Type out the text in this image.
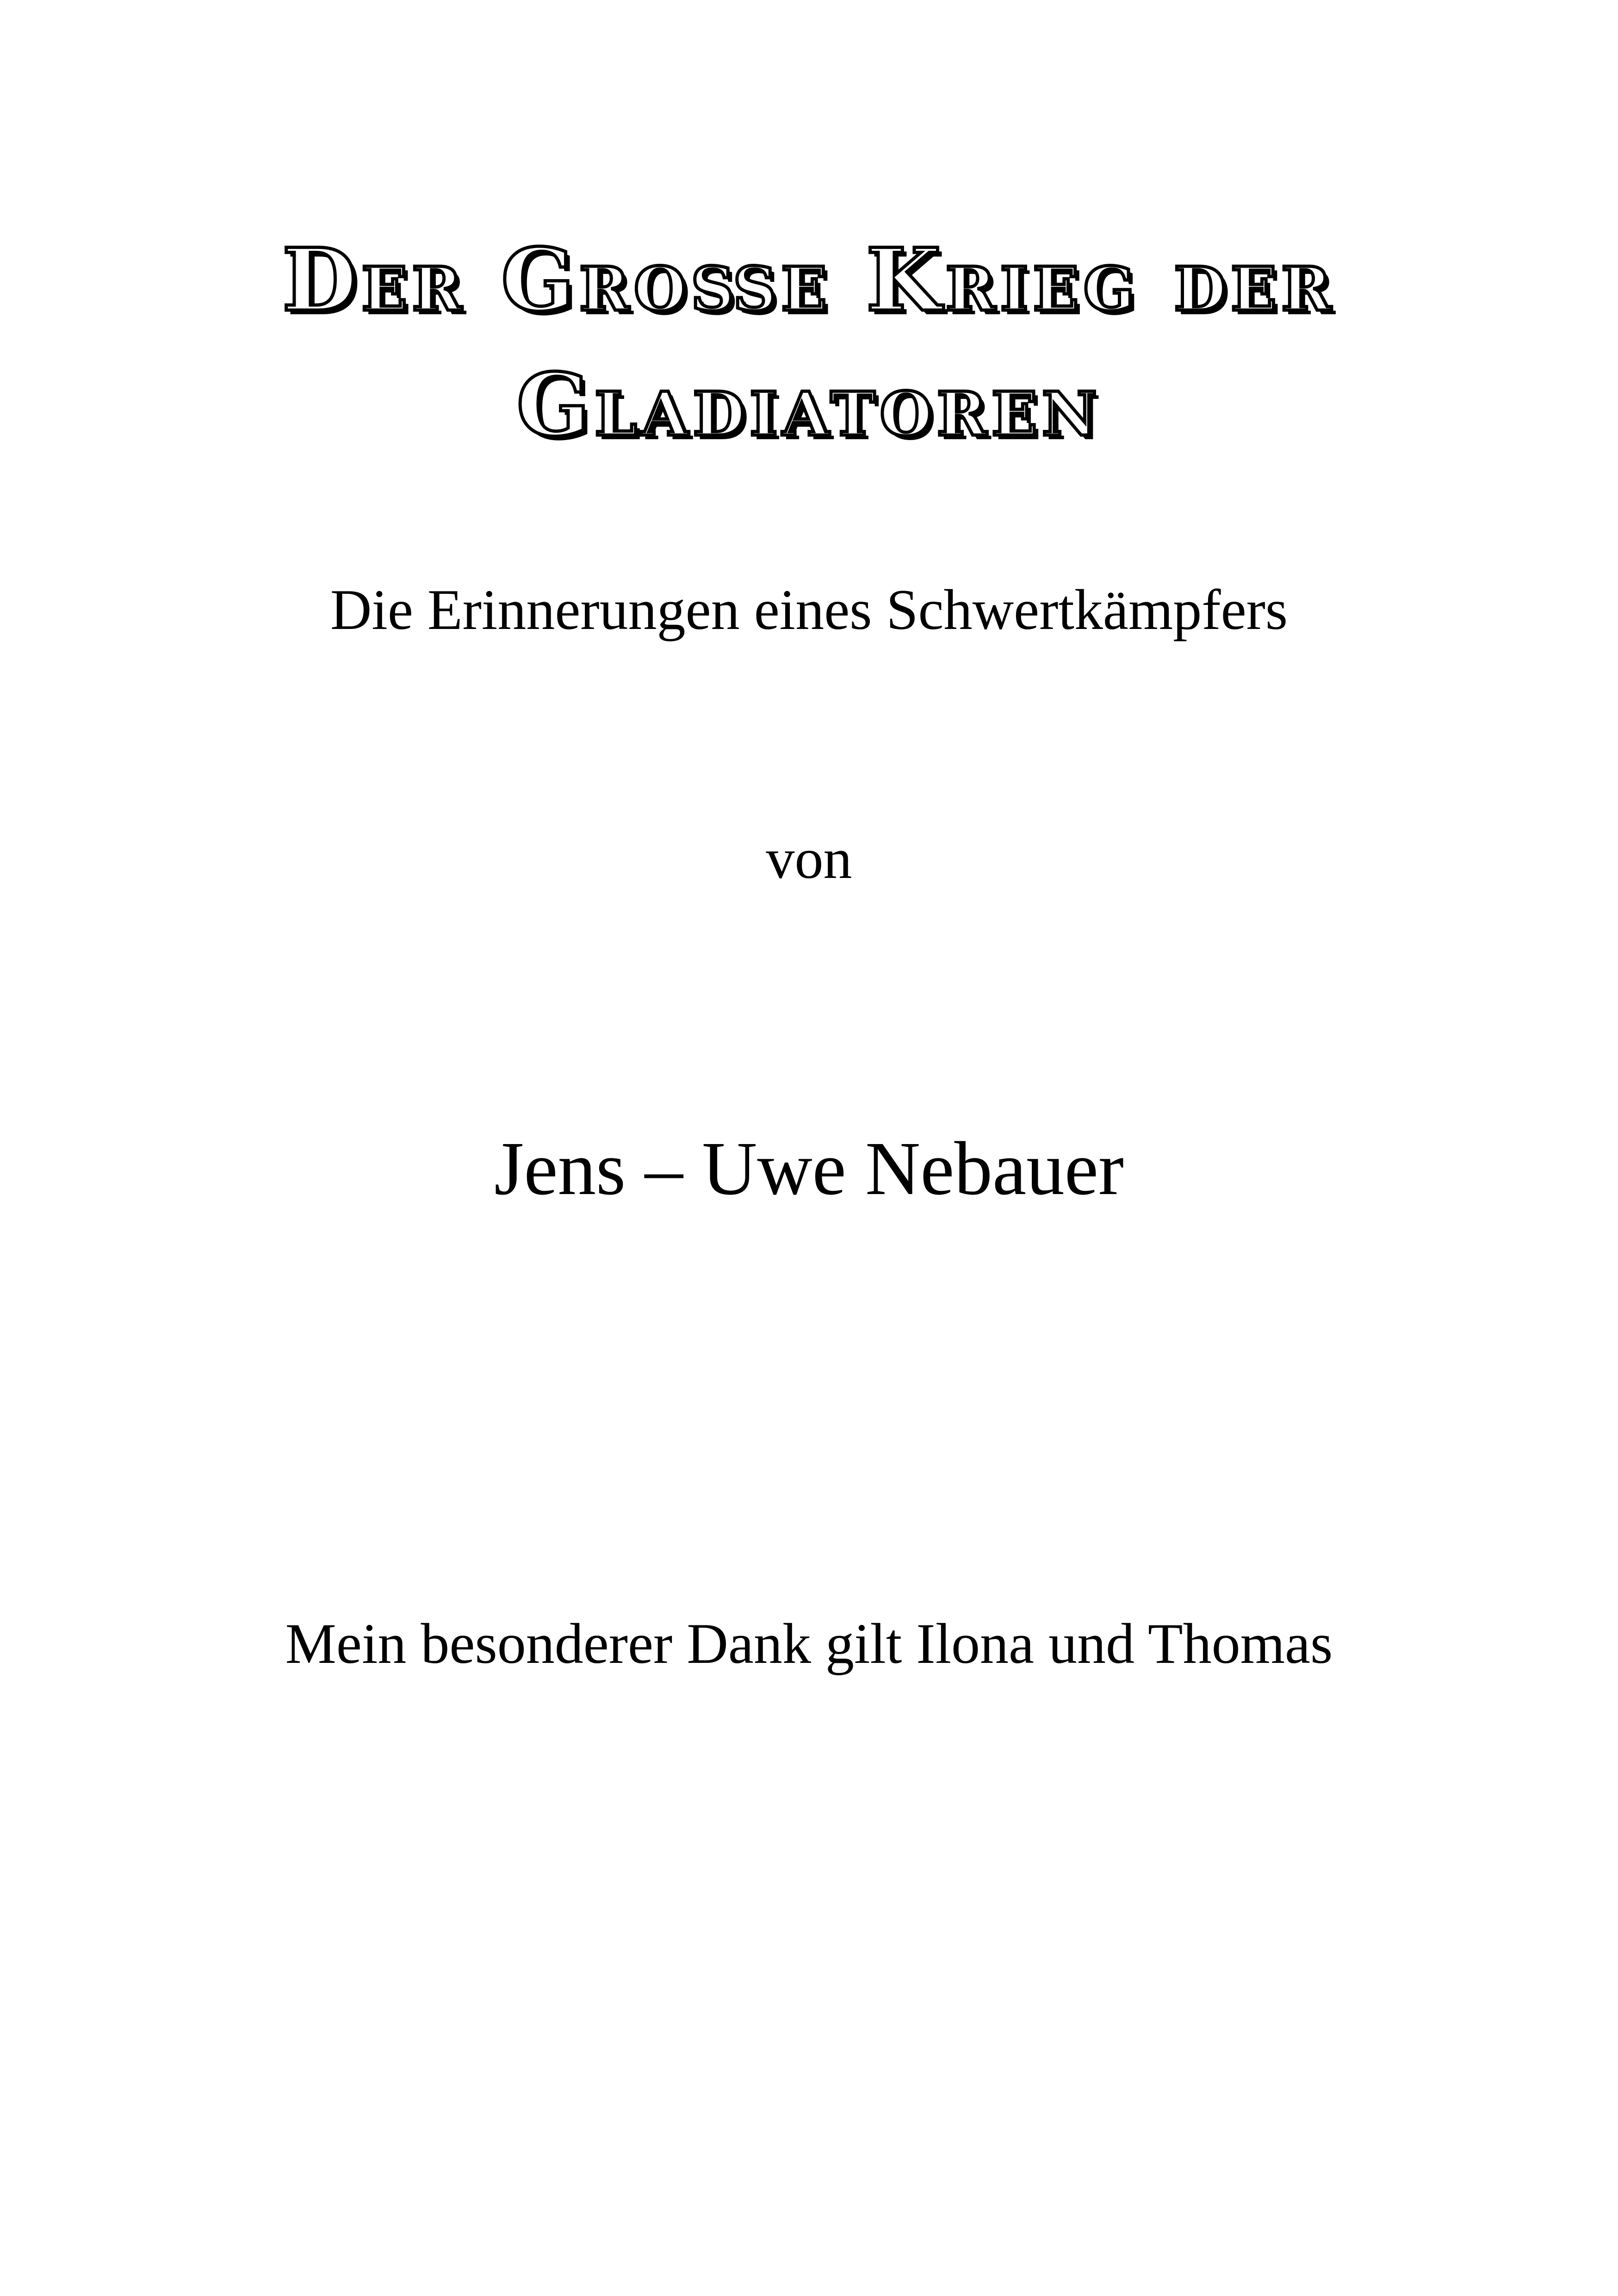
Der Große Krieg der Gladiatoren
Die Erinnerungen eines Schwertkämpfers
von
Jens – Uwe Nebauer
Mein besonderer Dank gilt Ilona und Thomas
